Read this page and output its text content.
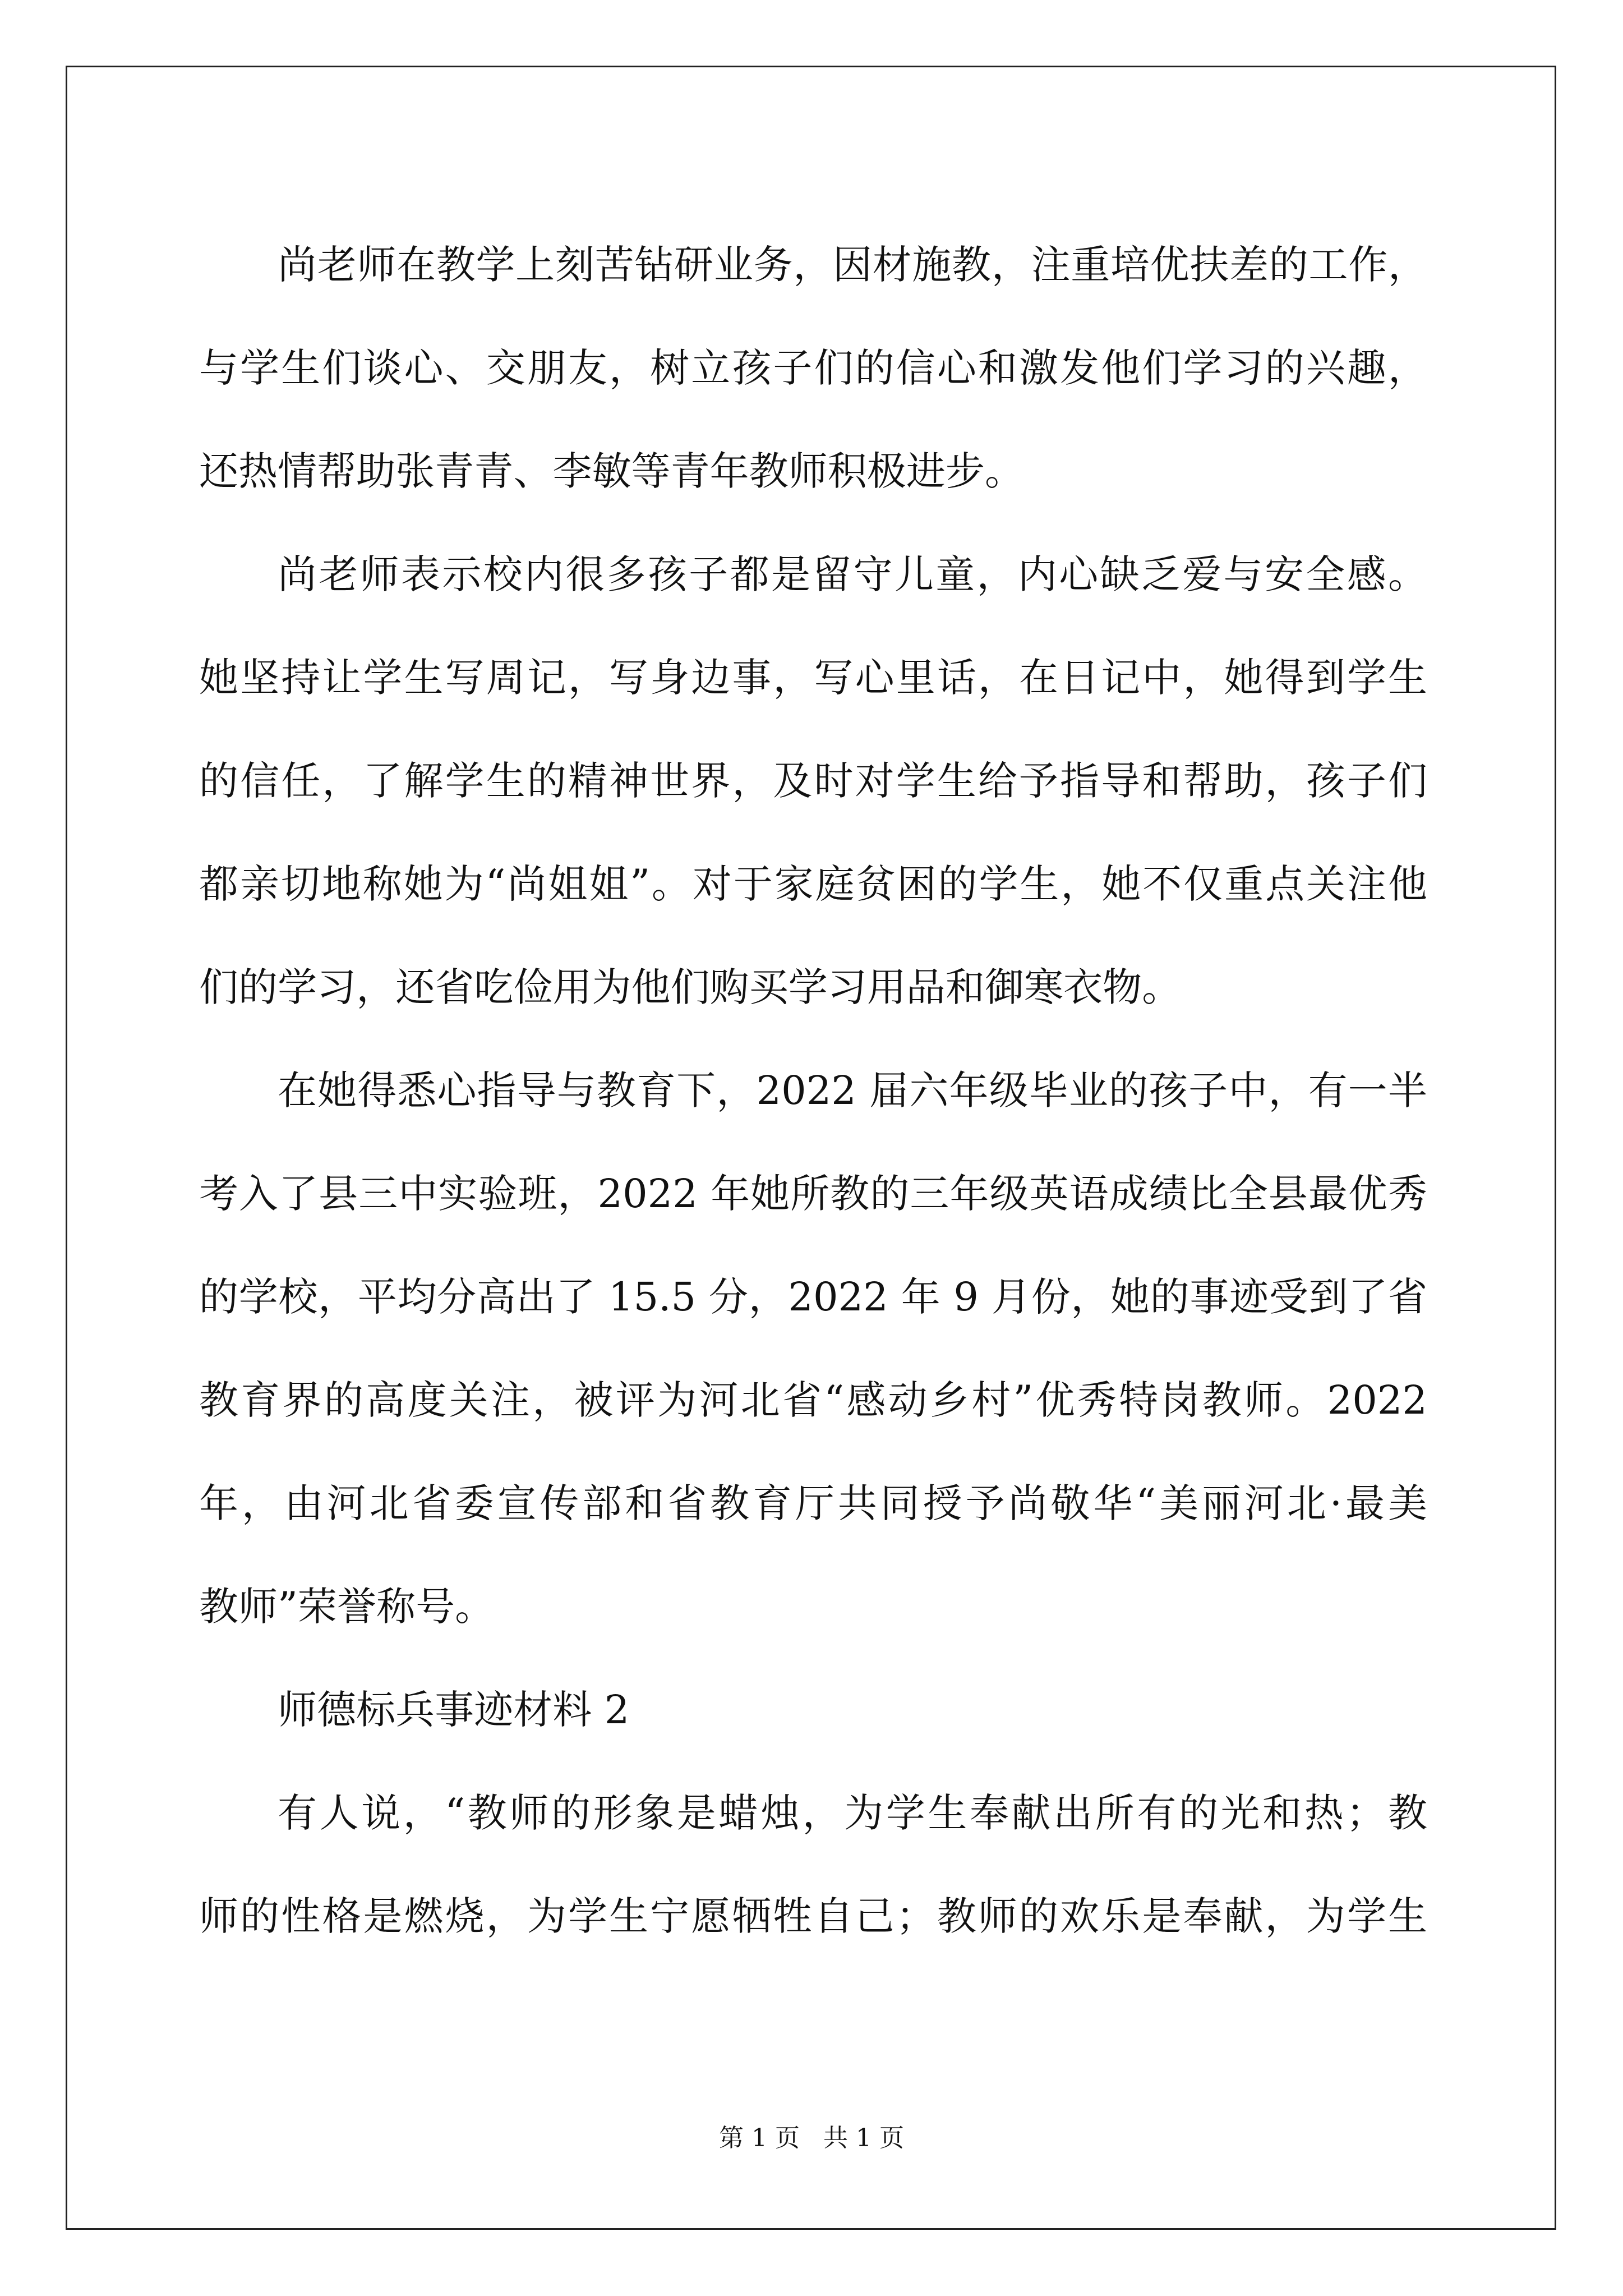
尚老师在教学上刻苦钻研业务，因材施教，注重培优扶差的工作，
与学生们谈心、交朋友，树立孩子们的信心和激发他们学习的兴趣，
还热情帮助张青青、李敏等青年教师积极进步。
尚老师表示校内很多孩子都是留守儿童，内心缺乏爱与安全感。
她坚持让学生写周记，写身边事，写心里话，在日记中，她得到学生
的信任，了解学生的精神世界，及时对学生给予指导和帮助，孩子们
都亲切地称她为“尚姐姐”。对于家庭贫困的学生，她不仅重点关注他
们的学习，还省吃俭用为他们购买学习用品和御寒衣物。
在她得悉心指导与教育下，2022 届六年级毕业的孩子中，有一半
考入了县三中实验班，2022 年她所教的三年级英语成绩比全县最优秀
的学校，平均分高出了 15.5 分，2022 年 9 月份，她的事迹受到了省
教育界的高度关注，被评为河北省“感动乡村”优秀特岗教师。2022
年，由河北省委宣传部和省教育厅共同授予尚敬华“美丽河北·最美
教师”荣誉称号。
师德标兵事迹材料 2
有人说，“教师的形象是蜡烛，为学生奉献出所有的光和热；教
师的性格是燃烧，为学生宁愿牺牲自己；教师的欢乐是奉献，为学生
第 1 页   共 1 页
